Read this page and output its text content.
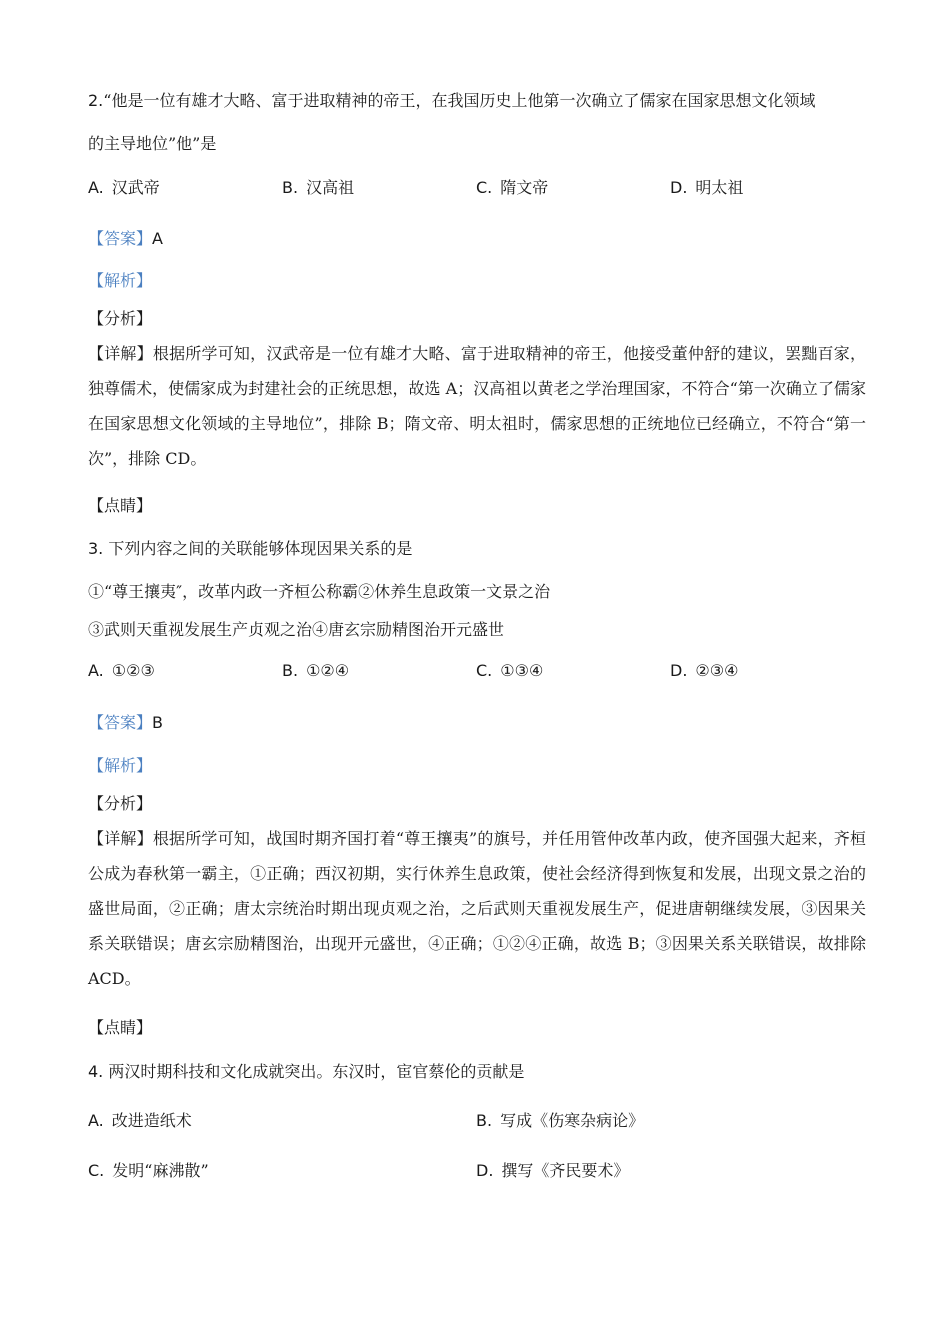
2.“他是一位有雄才大略、富于进取精神的帝王，在我国历史上他第一次确立了儒家在国家思想文化领域
的主导地位”他”是
A. 汉武帝	B. 汉高祖	C. 隋文帝	D. 明太祖
【答案】A
【解析】
【分析】
【详解】根据所学可知，汉武帝是一位有雄才大略、富于进取精神的帝王，他接受董仲舒的建议，罢黜百家，独尊儒术，使儒家成为封建社会的正统思想，故选 A；汉高祖以黄老之学治理国家，不符合“第一次确立了儒家在国家思想文化领域的主导地位”，排除 B；隋文帝、明太祖时，儒家思想的正统地位已经确立，不符合“第一次”，排除 CD。
【点睛】
3. 下列内容之间的关联能够体现因果关系的是
①“尊王攘夷″，改革内政一齐桓公称霸②休养生息政策一文景之治
③武则天重视发展生产贞观之治④唐玄宗励精图治开元盛世
A. ①②③	B. ①②④	C. ①③④	D. ②③④
【答案】B
【解析】
【分析】
【详解】根据所学可知，战国时期齐国打着“尊王攘夷”的旗号，并任用管仲改革内政，使齐国强大起来，齐桓公成为春秋第一霸主，①正确；西汉初期，实行休养生息政策，使社会经济得到恢复和发展，出现文景之治的盛世局面，②正确；唐太宗统治时期出现贞观之治，之后武则天重视发展生产，促进唐朝继续发展，③因果关系关联错误；唐玄宗励精图治，出现开元盛世，④正确；①②④正确，故选 B；③因果关系关联错误，故排除 ACD。
【点睛】
4. 两汉时期科技和文化成就突出。东汉时，宦官蔡伦的贡献是
A. 改进造纸术	B. 写成《伤寒杂病论》
C. 发明“麻沸散”	D. 撰写《齐民要术》
